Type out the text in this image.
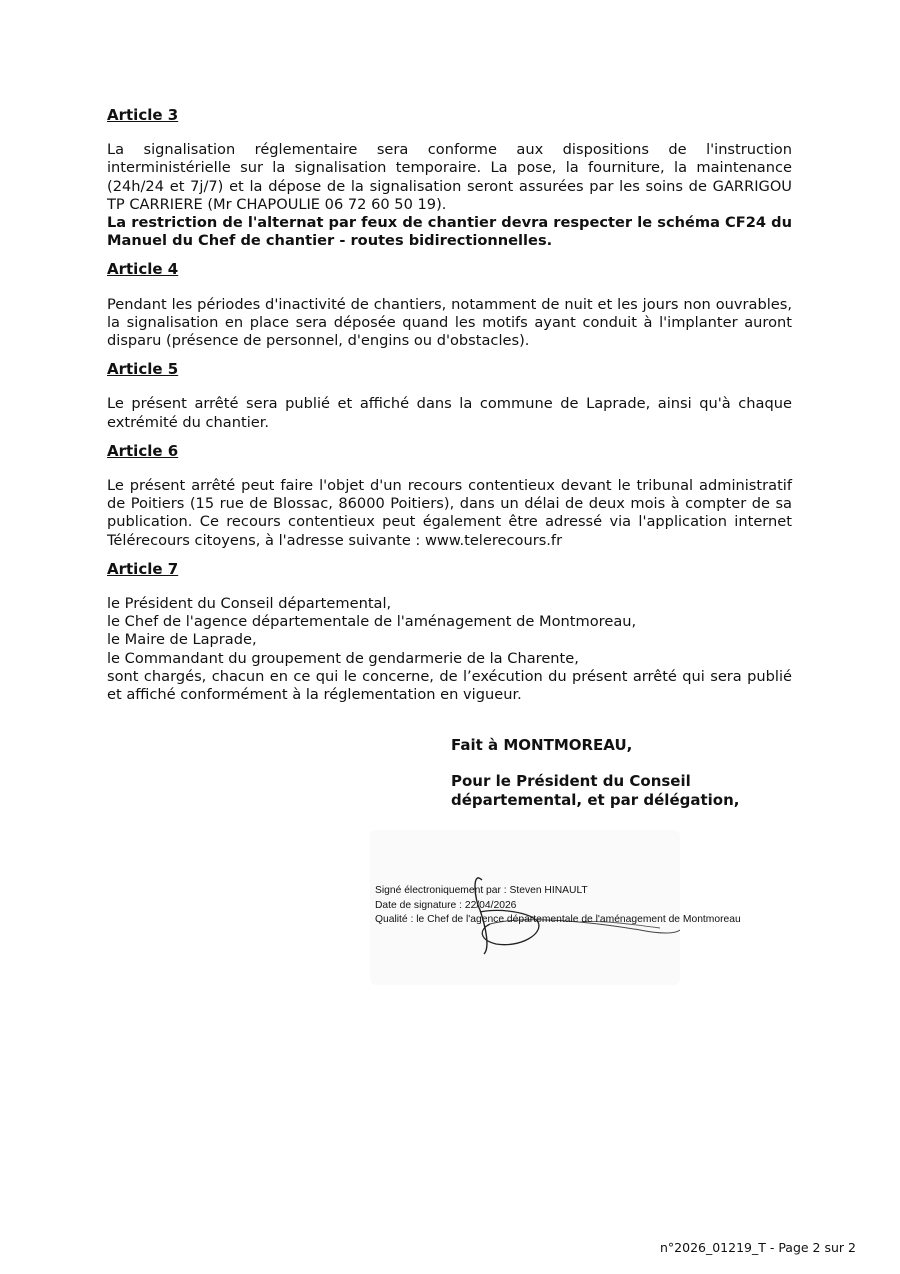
Article 3
La signalisation réglementaire sera conforme aux dispositions de l'instruction interministérielle sur la signalisation temporaire. La pose, la fourniture, la maintenance (24h/24 et 7j/7) et la dépose de la signalisation seront assurées par les soins de GARRIGOU TP CARRIERE (Mr CHAPOULIE 06 72 60 50 19).
La restriction de l'alternat par feux de chantier devra respecter le schéma CF24 du Manuel du Chef de chantier - routes bidirectionnelles.
Article 4
Pendant les périodes d'inactivité de chantiers, notamment de nuit et les jours non ouvrables, la signalisation en place sera déposée quand les motifs ayant conduit à l'implanter auront disparu (présence de personnel, d'engins ou d'obstacles).
Article 5
Le présent arrêté sera publié et affiché dans la commune de Laprade, ainsi qu'à chaque extrémité du chantier.
Article 6
Le présent arrêté peut faire l'objet d'un recours contentieux devant le tribunal administratif de Poitiers (15 rue de Blossac, 86000 Poitiers), dans un délai de deux mois à compter de sa publication. Ce recours contentieux peut également être adressé via l'application internet Télérecours citoyens, à l'adresse suivante : www.telerecours.fr
Article 7
le Président du Conseil départemental,
le Chef de l'agence départementale de l'aménagement de Montmoreau,
le Maire de Laprade,
le Commandant du groupement de gendarmerie de la Charente,
sont chargés, chacun en ce qui le concerne, de l’exécution du présent arrêté qui sera publié et affiché conformément à la réglementation en vigueur.
Fait à MONTMOREAU,
Pour le Président du Conseil
départemental, et par délégation,
Signé électroniquement par : Steven HINAULT
Date de signature : 22/04/2026
Qualité : le Chef de l'agence départementale de l'aménagement de Montmoreau
n°2026_01219_T - Page 2 sur 2
